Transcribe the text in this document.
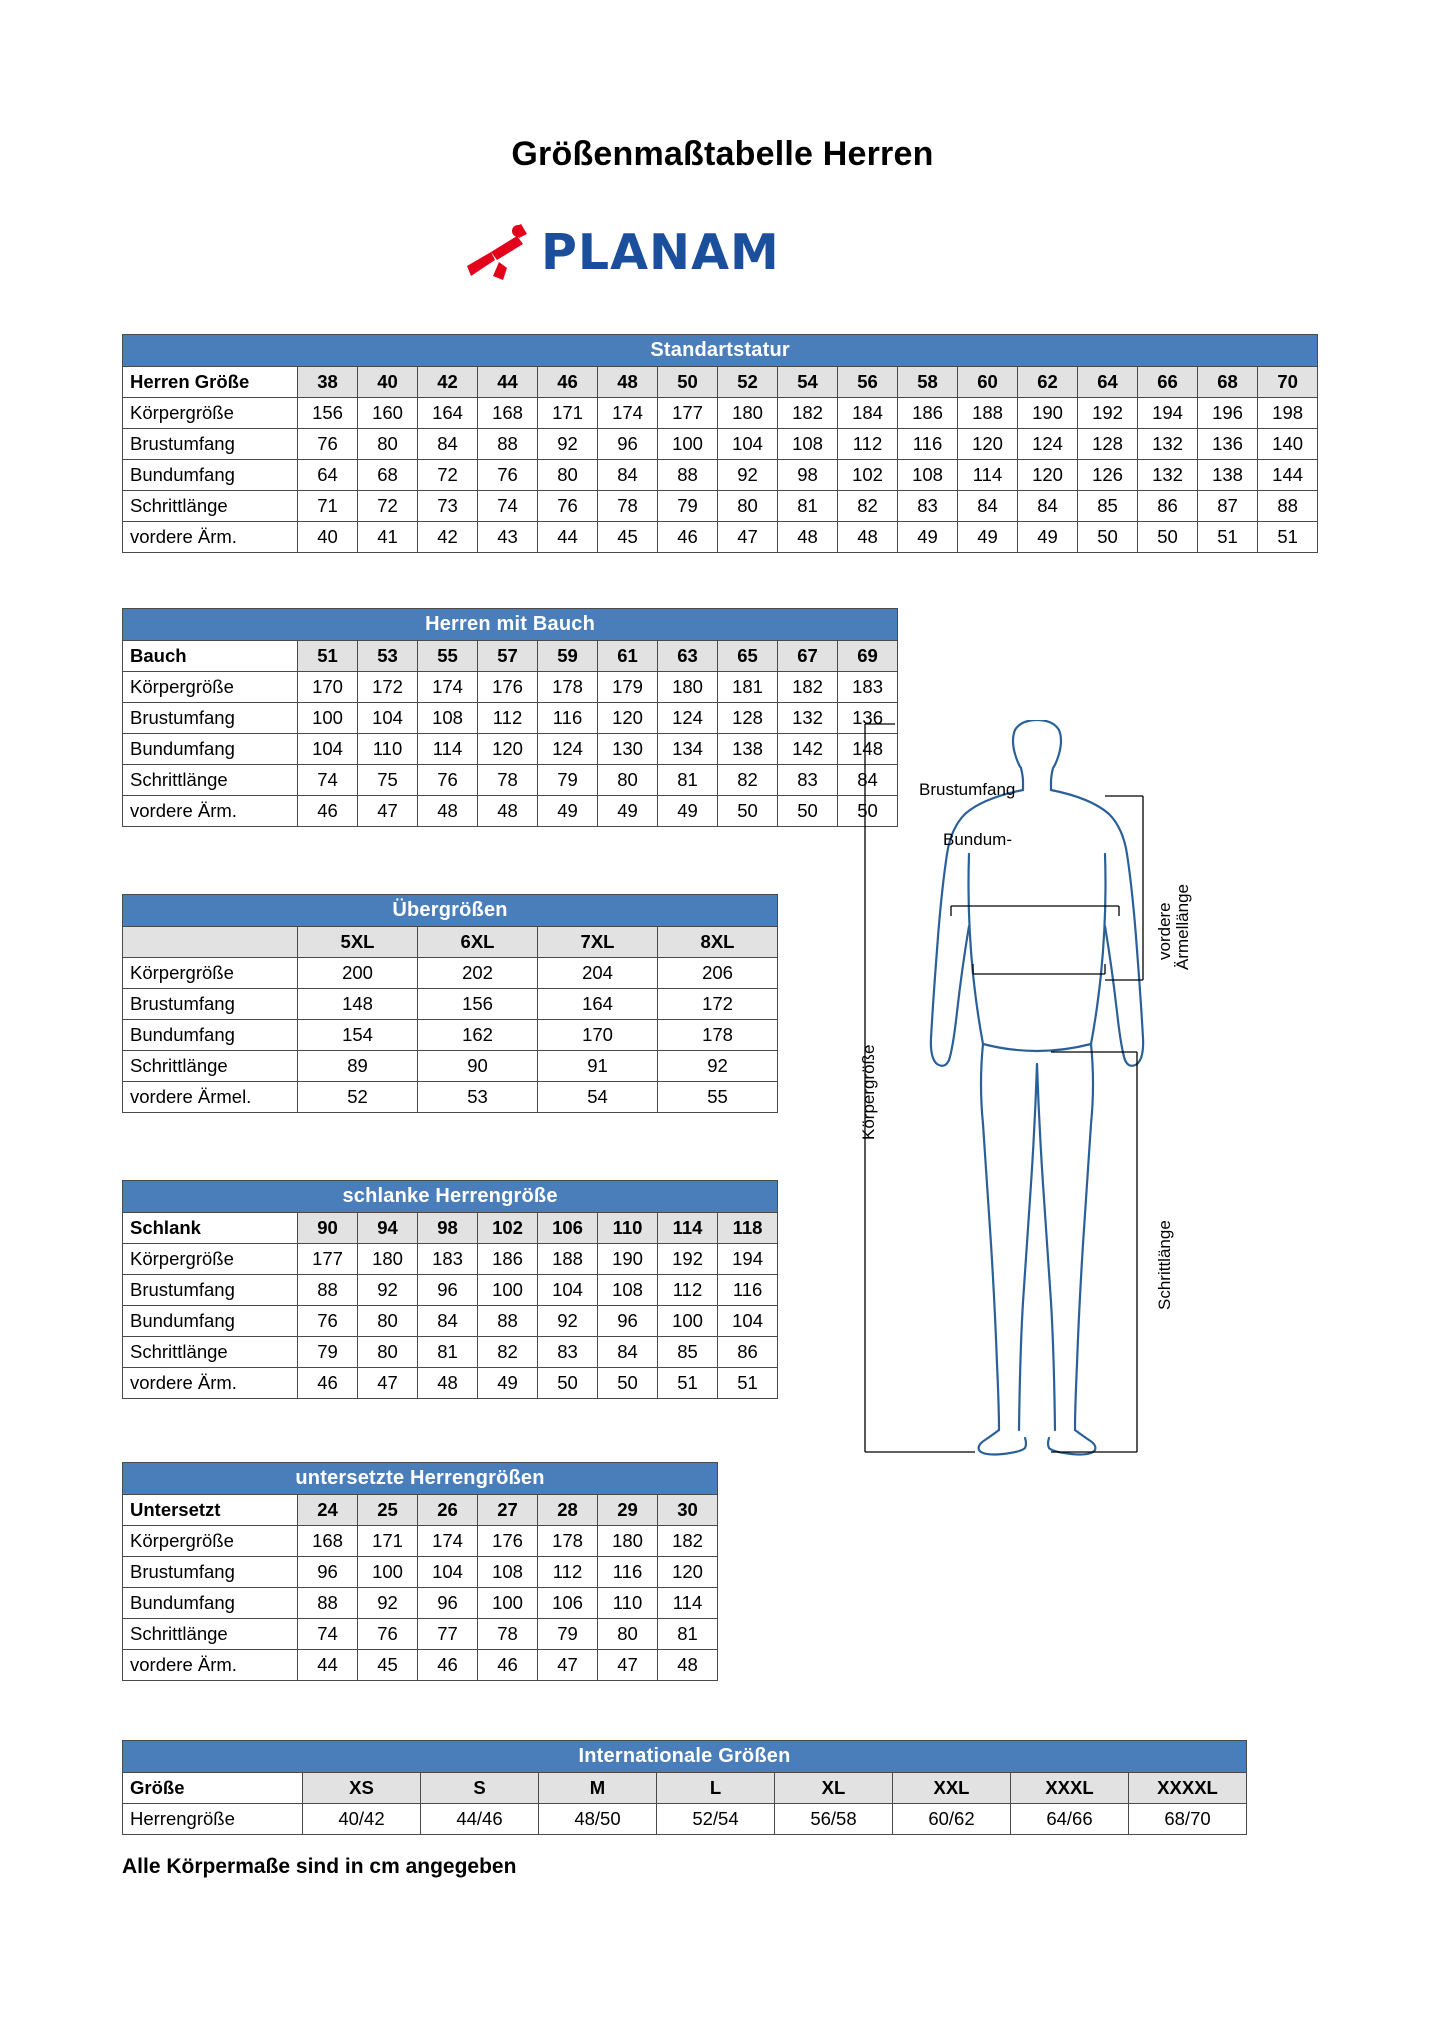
Größenmaßtabelle Herren
PLANAM
Standartstatur																	
Herren Größe	38	40	42	44	46	48	50	52	54	56	58	60	62	64	66	68	70
Körpergröße	156	160	164	168	171	174	177	180	182	184	186	188	190	192	194	196	198
Brustumfang	76	80	84	88	92	96	100	104	108	112	116	120	124	128	132	136	140
Bundumfang	64	68	72	76	80	84	88	92	98	102	108	114	120	126	132	138	144
Schrittlänge	71	72	73	74	76	78	79	80	81	82	83	84	84	85	86	87	88
vordere Ärm.	40	41	42	43	44	45	46	47	48	48	49	49	49	50	50	51	51
Herren mit Bauch										
Bauch	51	53	55	57	59	61	63	65	67	69
Körpergröße	170	172	174	176	178	179	180	181	182	183
Brustumfang	100	104	108	112	116	120	124	128	132	136
Bundumfang	104	110	114	120	124	130	134	138	142	148
Schrittlänge	74	75	76	78	79	80	81	82	83	84
vordere Ärm.	46	47	48	48	49	49	49	50	50	50
Übergrößen				
	5XL	6XL	7XL	8XL
Körpergröße	200	202	204	206
Brustumfang	148	156	164	172
Bundumfang	154	162	170	178
Schrittlänge	89	90	91	92
vordere Ärmel.	52	53	54	55
schlanke Herrengröße								
Schlank	90	94	98	102	106	110	114	118
Körpergröße	177	180	183	186	188	190	192	194
Brustumfang	88	92	96	100	104	108	112	116
Bundumfang	76	80	84	88	92	96	100	104
Schrittlänge	79	80	81	82	83	84	85	86
vordere Ärm.	46	47	48	49	50	50	51	51
untersetzte Herrengrößen							
Untersetzt	24	25	26	27	28	29	30
Körpergröße	168	171	174	176	178	180	182
Brustumfang	96	100	104	108	112	116	120
Bundumfang	88	92	96	100	106	110	114
Schrittlänge	74	76	77	78	79	80	81
vordere Ärm.	44	45	46	46	47	47	48
Internationale Größen								
Größe	XS	S	M	L	XL	XXL	XXXL	XXXXL
Herrengröße	40/42	44/46	48/50	52/54	56/58	60/62	64/66	68/70
Alle Körpermaße sind in cm angegeben
Brustumfang
Bundum-
Körpergröße
vordere Ärmellänge
Schrittlänge
